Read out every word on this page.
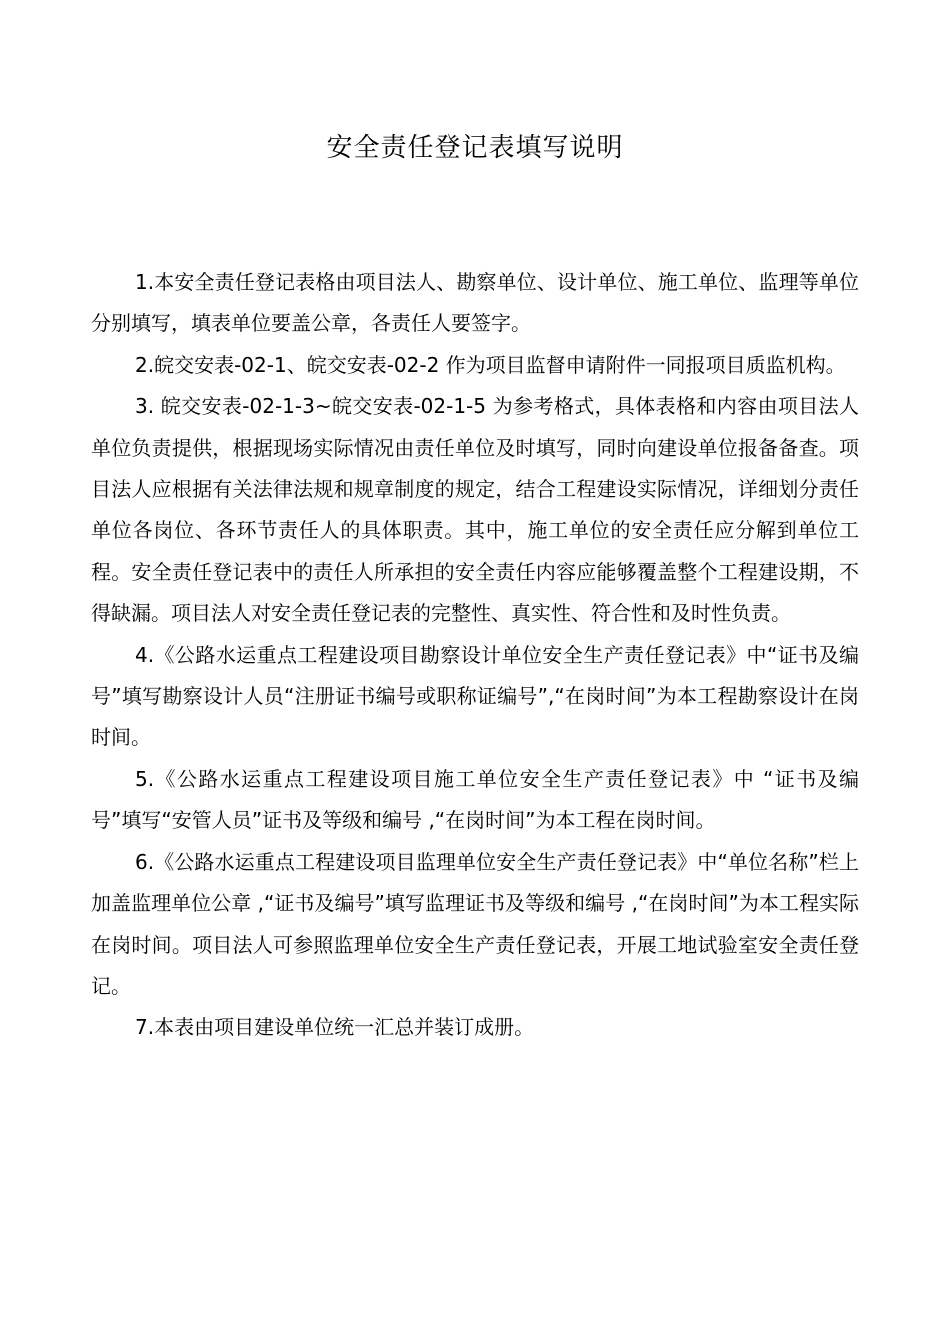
安全责任登记表填写说明

1.本安全责任登记表格由项目法人、勘察单位、设计单位、施工单位、监理等单位分别填写，填表单位要盖公章，各责任人要签字。

2.皖交安表-02-1、皖交安表-02-2 作为项目监督申请附件一同报项目质监机构。

3. 皖交安表-02-1-3~皖交安表-02-1-5 为参考格式，具体表格和内容由项目法人单位负责提供，根据现场实际情况由责任单位及时填写，同时向建设单位报备备查。项目法人应根据有关法律法规和规章制度的规定，结合工程建设实际情况，详细划分责任单位各岗位、各环节责任人的具体职责。其中，施工单位的安全责任应分解到单位工程。安全责任登记表中的责任人所承担的安全责任内容应能够覆盖整个工程建设期，不得缺漏。项目法人对安全责任登记表的完整性、真实性、符合性和及时性负责。

4.《公路水运重点工程建设项目勘察设计单位安全生产责任登记表》中“证书及编号”填写勘察设计人员“注册证书编号或职称证编号”,“在岗时间”为本工程勘察设计在岗时间。

5.《公路水运重点工程建设项目施工单位安全生产责任登记表》中 “证书及编号”填写“安管人员”证书及等级和编号 ,“在岗时间”为本工程在岗时间。

6.《公路水运重点工程建设项目监理单位安全生产责任登记表》中“单位名称”栏上加盖监理单位公章 ,“证书及编号”填写监理证书及等级和编号 ,“在岗时间”为本工程实际在岗时间。项目法人可参照监理单位安全生产责任登记表，开展工地试验室安全责任登记。

7.本表由项目建设单位统一汇总并装订成册。
